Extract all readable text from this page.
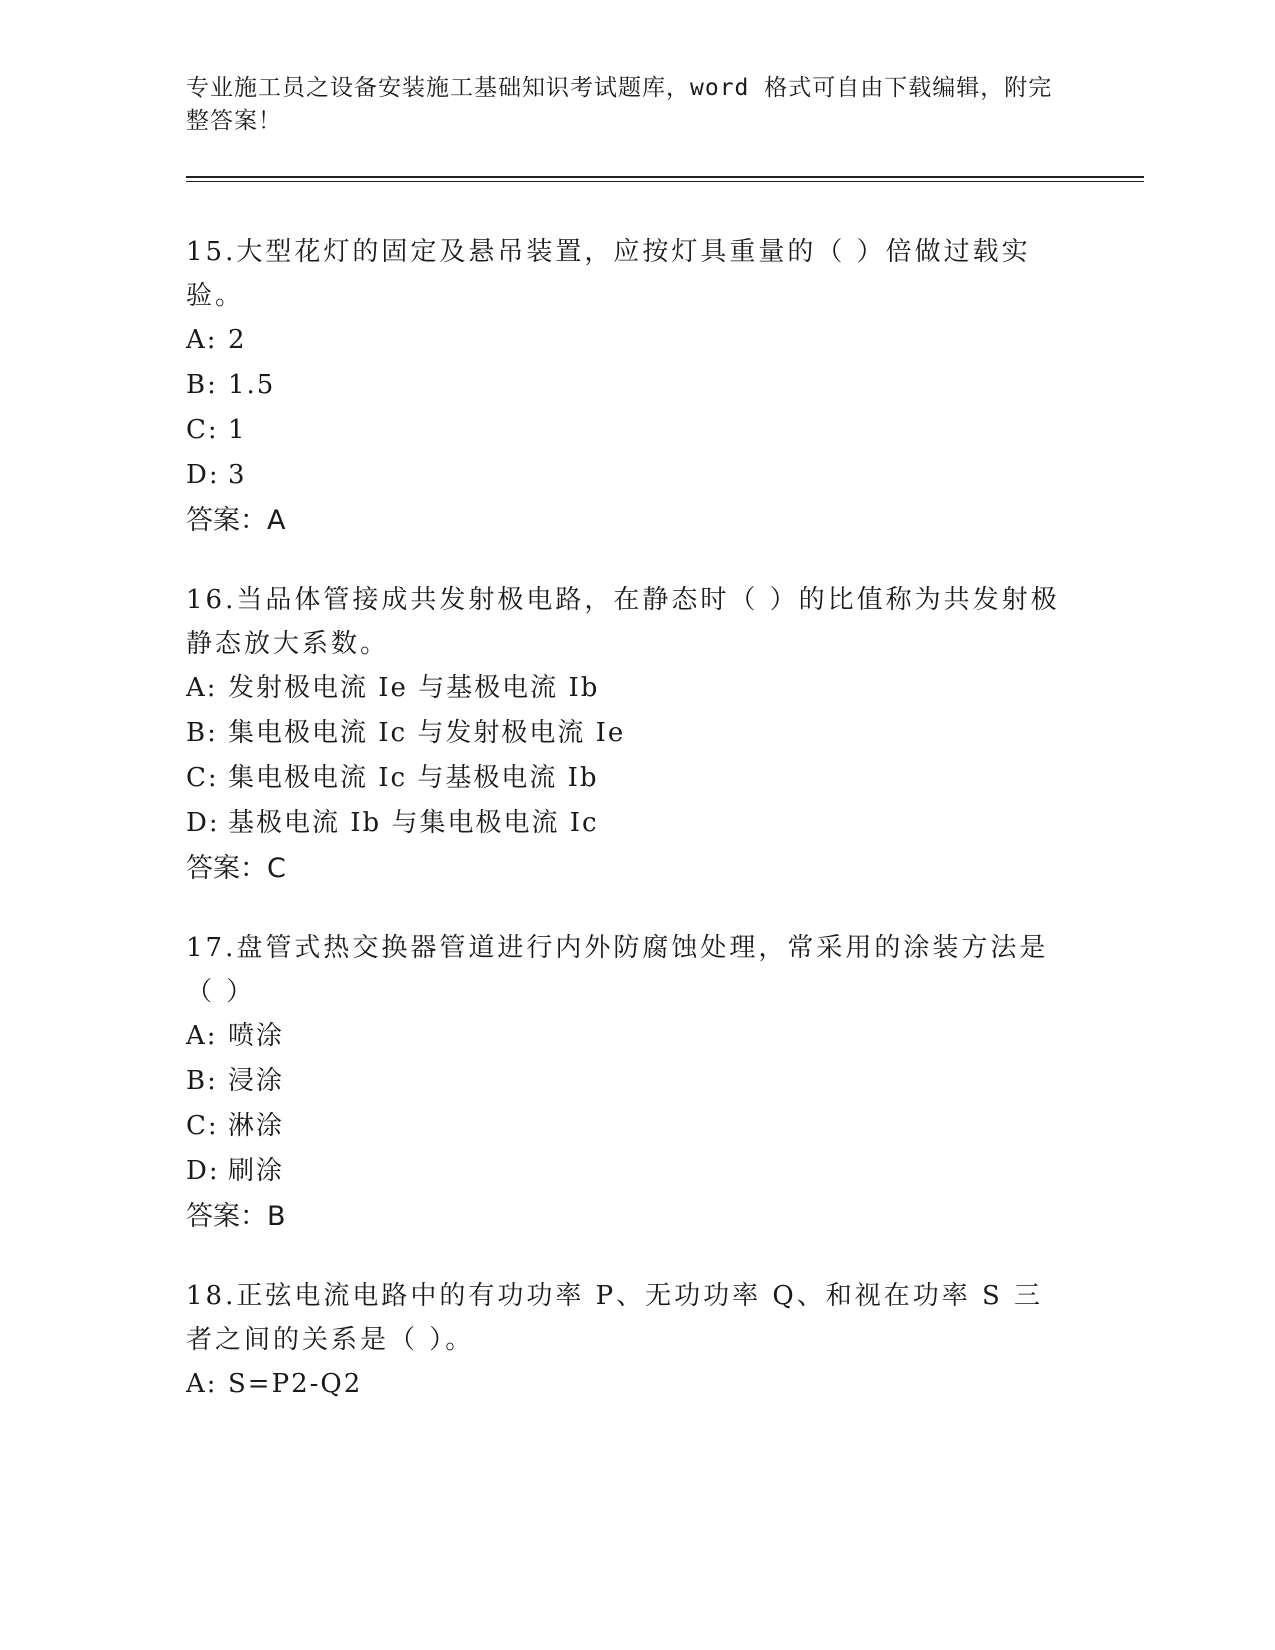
专业施工员之设备安装施工基础知识考试题库，word 格式可自由下载编辑，附完整答案！

15.大型花灯的固定及悬吊装置，应按灯具重量的（ ）倍做过载实验。

A: 2

B: 1.5

C: 1

D: 3

答案：A

16.当品体管接成共发射极电路，在静态时（ ）的比值称为共发射极静态放大系数。

A: 发射极电流 Ie 与基极电流 Ib

B: 集电极电流 Ic 与发射极电流 Ie

C: 集电极电流 Ic 与基极电流 Ib

D: 基极电流 Ib 与集电极电流 Ic

答案：C

17.盘管式热交换器管道进行内外防腐蚀处理，常采用的涂装方法是（ ）

A: 喷涂

B: 浸涂

C: 淋涂

D: 刷涂

答案：B

18.正弦电流电路中的有功功率 P、无功功率 Q、和视在功率 S 三者之间的关系是（ ）。

A: S=P2-Q2
